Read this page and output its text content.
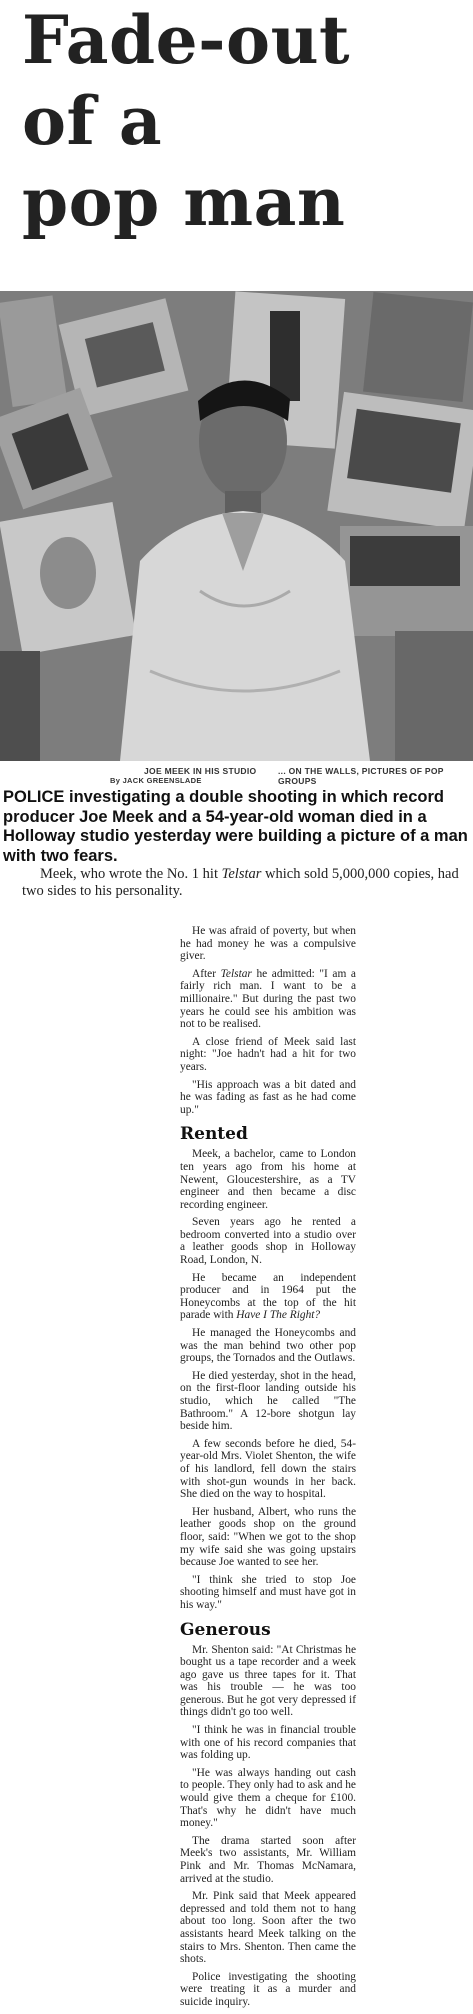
Fade-out
of a
pop man
By JACK GREENSLADE
JOE MEEK IN HIS STUDIO	... ON THE WALLS, PICTURES OF POP GROUPS
POLICE investigating a double shooting in which record producer Joe Meek and a 54-year-old woman died in a Holloway studio yesterday were building a picture of a man with two fears.
Meek, who wrote the No. 1 hit Telstar which sold 5,000,000 copies, had two sides to his personality.

He was afraid of poverty, but when he had money he was a compulsive giver.

After Telstar he admitted: "I am a fairly rich man. I want to be a millionaire." But during the past two years he could see his ambition was not to be realised.

A close friend of Meek said last night: "Joe hadn't had a hit for two years.

"His approach was a bit dated and he was fading as fast as he had come up."

Rented

Meek, a bachelor, came to London ten years ago from his home at Newent, Gloucestershire, as a TV engineer and then became a disc recording engineer.

Seven years ago he rented a bedroom converted into a studio over a leather goods shop in Holloway Road, London, N.

He became an independent producer and in 1964 put the Honeycombs at the top of the hit parade with Have I The Right?

He managed the Honeycombs and was the man behind two other pop groups, the Tornados and the Outlaws.

He died yesterday, shot in the head, on the first-floor landing outside his studio, which he called "The Bathroom." A 12-bore shotgun lay beside him.

A few seconds before he died, 54-year-old Mrs. Violet Shenton, the wife of his landlord, fell down the stairs with shot-gun wounds in her back. She died on the way to hospital.

Her husband, Albert, who runs the leather goods shop on the ground floor, said: "When we got to the shop my wife said she was going upstairs because Joe wanted to see her.

"I think she tried to stop Joe shooting himself and must have got in his way."

Generous

Mr. Shenton said: "At Christmas he bought us a tape recorder and a week ago gave us three tapes for it. That was his trouble — he was too generous. But he got very depressed if things didn't go too well.

"I think he was in financial trouble with one of his record companies that was folding up.

"He was always handing out cash to people. They only had to ask and he would give them a cheque for £100. That's why he didn't have much money."

The drama started soon after Meek's two assistants, Mr. William Pink and Mr. Thomas McNamara, arrived at the studio.

Mr. Pink said that Meek appeared depressed and told them not to hang about too long. Soon after the two assistants heard Meek talking on the stairs to Mrs. Shenton. Then came the shots.

Police investigating the shooting were treating it as a murder and suicide inquiry.
